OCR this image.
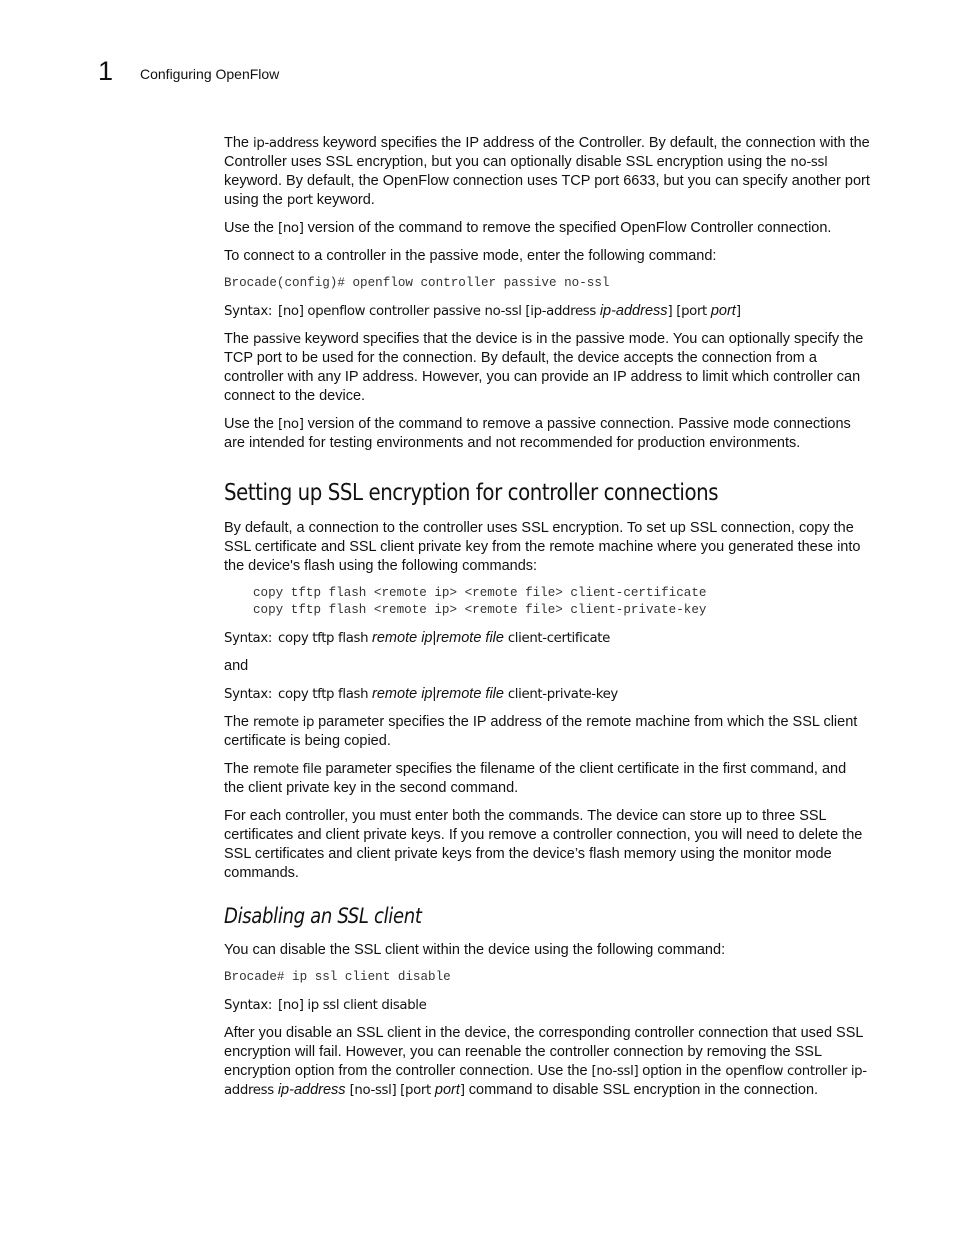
1 Configuring OpenFlow

The ip-address keyword specifies the IP address of the Controller. By default, the connection with the Controller uses SSL encryption, but you can optionally disable SSL encryption using the no-ssl keyword. By default, the OpenFlow connection uses TCP port 6633, but you can specify another port using the port keyword.

Use the [no] version of the command to remove the specified OpenFlow Controller connection.

To connect to a controller in the passive mode, enter the following command:

Brocade(config)# openflow controller passive no-ssl
Syntax: [no] openflow controller passive no-ssl [ip-address ip-address] [port port]

The passive keyword specifies that the device is in the passive mode. You can optionally specify the TCP port to be used for the connection. By default, the device accepts the connection from a controller with any IP address. However, you can provide an IP address to limit which controller can connect to the device.

Use the [no] version of the command to remove a passive connection. Passive mode connections are intended for testing environments and not recommended for production environments.

Setting up SSL encryption for controller connections

By default, a connection to the controller uses SSL encryption. To set up SSL connection, copy the SSL certificate and SSL client private key from the remote machine where you generated these into the device's flash using the following commands:

copy tftp flash <remote ip> <remote file> client-certificate
copy tftp flash <remote ip> <remote file> client-private-key
Syntax: copy tftp flash remote ip|remote file client-certificate

and

Syntax: copy tftp flash remote ip|remote file client-private-key

The remote ip parameter specifies the IP address of the remote machine from which the SSL client certificate is being copied.

The remote file parameter specifies the filename of the client certificate in the first command, and the client private key in the second command.

For each controller, you must enter both the commands. The device can store up to three SSL certificates and client private keys. If you remove a controller connection, you will need to delete the SSL certificates and client private keys from the device’s flash memory using the monitor mode commands.

Disabling an SSL client

You can disable the SSL client within the device using the following command:

Brocade# ip ssl client disable
Syntax: [no] ip ssl client disable

After you disable an SSL client in the device, the corresponding controller connection that used SSL encryption will fail. However, you can reenable the controller connection by removing the SSL encryption option from the controller connection. Use the [no-ssl] option in the openflow controller ip-address ip-address [no-ssl] [port port] command to disable SSL encryption in the connection.
